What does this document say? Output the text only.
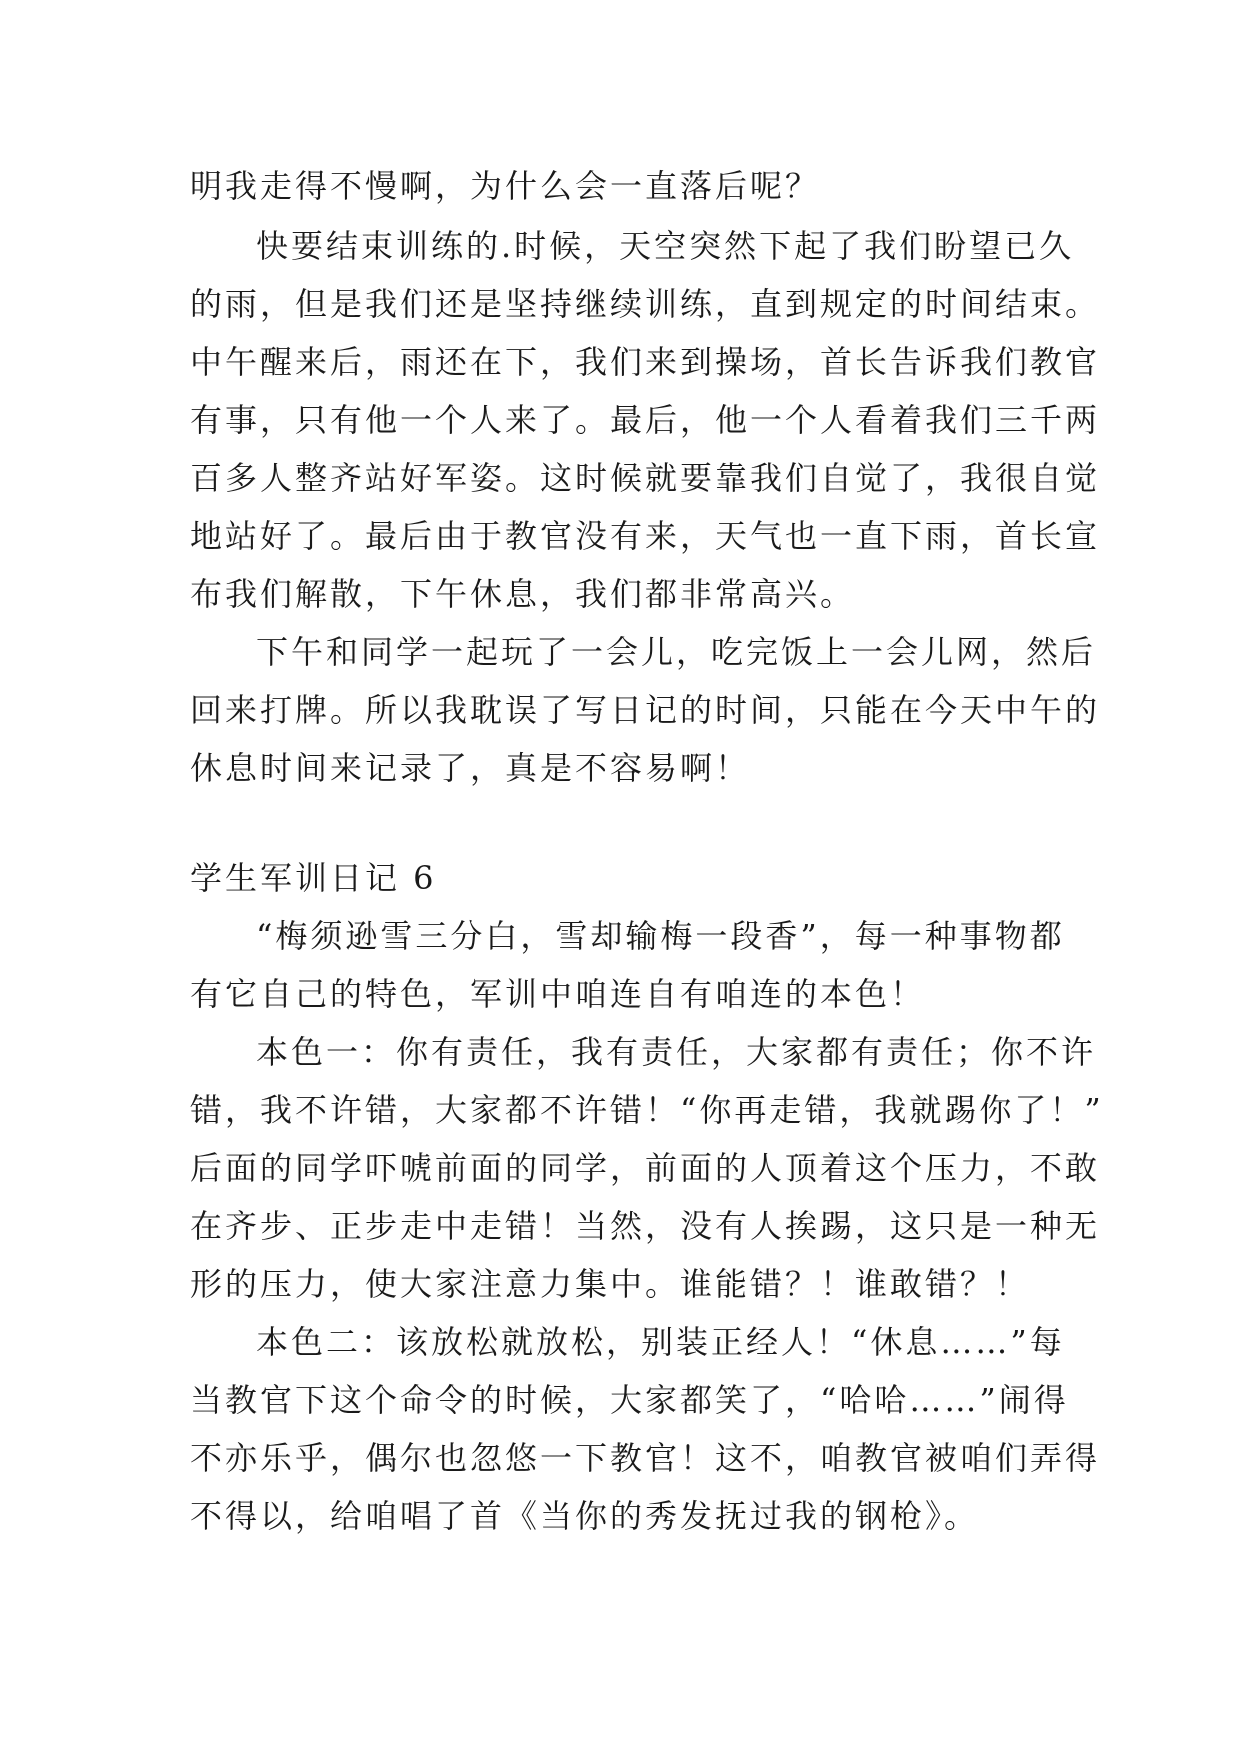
明我走得不慢啊，为什么会一直落后呢？

快要结束训练的.时候，天空突然下起了我们盼望已久

的雨，但是我们还是坚持继续训练，直到规定的时间结束。

中午醒来后，雨还在下，我们来到操场，首长告诉我们教官

有事，只有他一个人来了。最后，他一个人看着我们三千两

百多人整齐站好军姿。这时候就要靠我们自觉了，我很自觉

地站好了。最后由于教官没有来，天气也一直下雨，首长宣

布我们解散，下午休息，我们都非常高兴。

下午和同学一起玩了一会儿，吃完饭上一会儿网，然后

回来打牌。所以我耽误了写日记的时间，只能在今天中午的

休息时间来记录了，真是不容易啊！

学生军训日记 6

“梅须逊雪三分白，雪却输梅一段香”，每一种事物都

有它自己的特色，军训中咱连自有咱连的本色！

本色一：你有责任，我有责任，大家都有责任；你不许

错，我不许错，大家都不许错！“你再走错，我就踢你了！”

后面的同学吓唬前面的同学，前面的人顶着这个压力，不敢

在齐步、正步走中走错！当然，没有人挨踢，这只是一种无

形的压力，使大家注意力集中。谁能错？！谁敢错？！

本色二：该放松就放松，别装正经人！“休息……”每

当教官下这个命令的时候，大家都笑了，“哈哈……”闹得

不亦乐乎，偶尔也忽悠一下教官！这不，咱教官被咱们弄得

不得以，给咱唱了首《当你的秀发抚过我的钢枪》。
